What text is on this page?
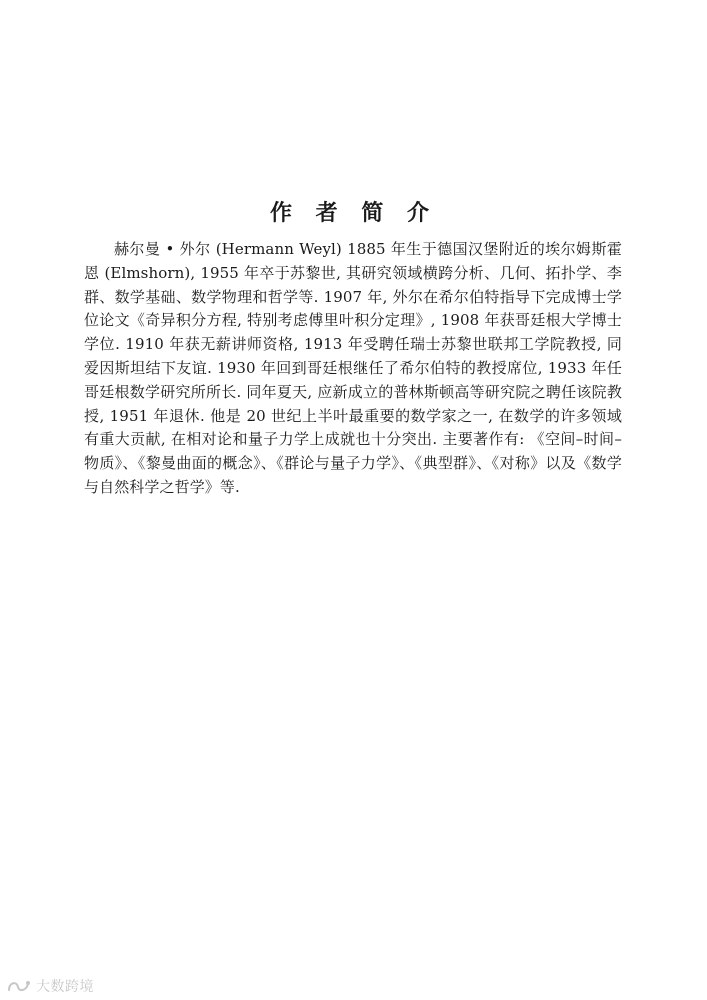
作 者 简 介

赫尔曼 • 外尔 (Hermann Weyl) 1885 年生于德国汉堡附近的埃尔姆斯霍恩 (Elmshorn), 1955 年卒于苏黎世, 其研究领域横跨分析、几何、拓扑学、李群、数学基础、数学物理和哲学等. 1907 年, 外尔在希尔伯特指导下完成博士学位论文《奇异积分方程, 特别考虑傅里叶积分定理》, 1908 年获哥廷根大学博士学位. 1910 年获无薪讲师资格, 1913 年受聘任瑞士苏黎世联邦工学院教授, 同爱因斯坦结下友谊. 1930 年回到哥廷根继任了希尔伯特的教授席位, 1933 年任哥廷根数学研究所所长. 同年夏天, 应新成立的普林斯顿高等研究院之聘任该院教授, 1951 年退休. 他是 20 世纪上半叶最重要的数学家之一, 在数学的许多领域有重大贡献, 在相对论和量子力学上成就也十分突出. 主要著作有: 《空间–时间–物质》、《黎曼曲面的概念》、《群论与量子力学》、《典型群》、《对称》以及《数学与自然科学之哲学》等.

大数跨境
